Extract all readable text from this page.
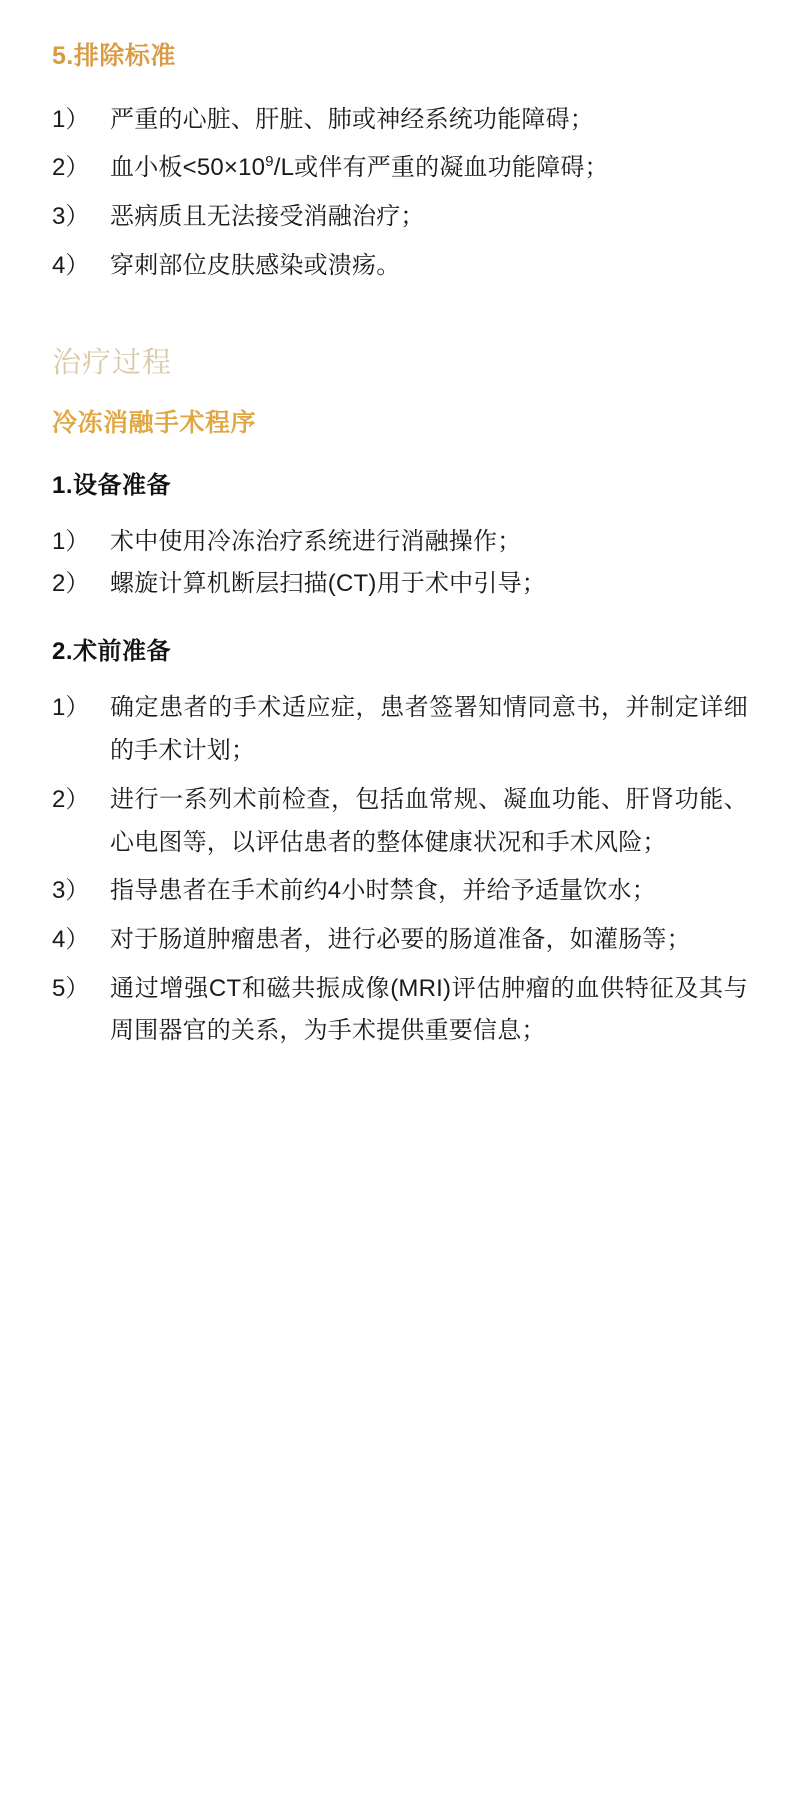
5.排除标准
1） 严重的心脏、肝脏、肺或神经系统功能障碍；
2） 血小板$<50\times 10^9/L$或伴有严重的凝血功能障碍；
3） 恶病质且无法接受消融治疗；
4） 穿刺部位皮肤感染或溃疡。
治疗过程
冷冻消融手术程序
1.设备准备
1） 术中使用冷冻治疗系统进行消融操作；
2） 螺旋计算机断层扫描(CT)用于术中引导；
2.术前准备
1） 确定患者的手术适应症，患者签署知情同意书，并制定详细的手术计划；
2） 进行一系列术前检查，包括血常规、凝血功能、肝肾功能、心电图等，以评估患者的整体健康状况和手术风险；
3） 指导患者在手术前约4小时禁食，并给予适量饮水；
4） 对于肠道肿瘤患者，进行必要的肠道准备，如灌肠等；
5） 通过增强CT和磁共振成像(MRI)评估肿瘤的血供特征及其与周围器官的关系，为手术提供重要信息；
